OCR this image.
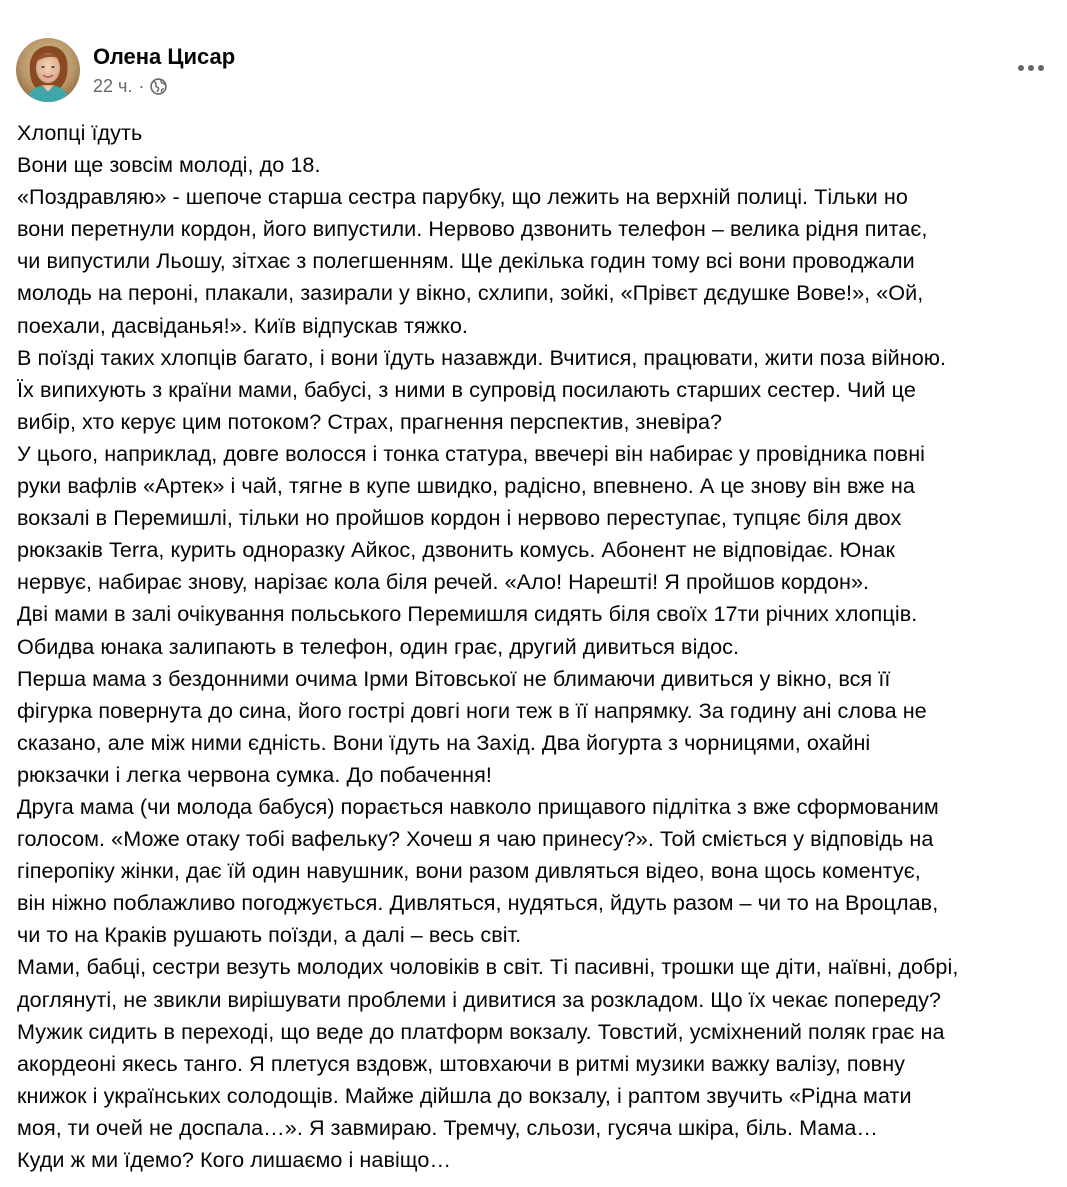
Олена Цисар
22 ч. ·
Хлопці їдуть
Вони ще зовсім молоді, до 18.
«Поздравляю» - шепоче старша сестра парубку, що лежить на верхній полиці. Тільки но
вони перетнули кордон, його випустили. Нервово дзвонить телефон – велика рідня питає,
чи випустили Льошу, зітхає з полегшенням. Ще декілька годин тому всі вони проводжали
молодь на пероні, плакали, зазирали у вікно, схлипи, зойкі, «Прівєт дєдушке Вове!», «Ой,
поехали, дасвіданья!». Київ відпускав тяжко.
В поїзді таких хлопців багато, і вони їдуть назавжди. Вчитися, працювати, жити поза війною.
Їх випихують з країни мами, бабусі, з ними в супровід посилають старших сестер. Чий це
вибір, хто керує цим потоком? Страх, прагнення перспектив, зневіра?
У цього, наприклад, довге волосся і тонка статура, ввечері він набирає у провідника повні
руки вафлів «Артек» і чай, тягне в купе швидко, радісно, впевнено. А це знову він вже на
вокзалі в Перемишлі, тільки но пройшов кордон і нервово переступає, тупцяє біля двох
рюкзаків Terra, курить одноразку Айкос, дзвонить комусь. Абонент не відповідає. Юнак
нервує, набирає знову, нарізає кола біля речей. «Ало! Нарешті! Я пройшов кордон».
Дві мами в залі очікування польського Перемишля сидять біля своїх 17ти річних хлопців.
Обидва юнака залипають в телефон, один грає, другий дивиться відос.
Перша мама з бездонними очима Ірми Вітовської не блимаючи дивиться у вікно, вся її
фігурка повернута до сина, його гострі довгі ноги теж в її напрямку. За годину ані слова не
сказано, але між ними єдність. Вони їдуть на Захід. Два йогурта з чорницями, охайні
рюкзачки і легка червона сумка. До побачення!
Друга мама (чи молода бабуся) порається навколо прищавого підлітка з вже сформованим
голосом. «Може отаку тобі вафельку? Хочеш я чаю принесу?». Той сміється у відповідь на
гіперопіку жінки, дає їй один навушник, вони разом дивляться відео, вона щось коментує,
він ніжно поблажливо погоджується. Дивляться, нудяться, йдуть разом – чи то на Вроцлав,
чи то на Краків рушають поїзди, а далі – весь світ.
Мами, бабці, сестри везуть молодих чоловіків в світ. Ті пасивні, трошки ще діти, наївні, добрі,
доглянуті, не звикли вирішувати проблеми і дивитися за розкладом. Що їх чекає попереду?
Мужик сидить в переході, що веде до платформ вокзалу. Товстий, усміхнений поляк грає на
акордеоні якесь танго. Я плетуся вздовж, штовхаючи в ритмі музики важку валізу, повну
книжок і українських солодощів. Майже дійшла до вокзалу, і раптом звучить «Рідна мати
моя, ти очей не доспала…». Я завмираю. Тремчу, сльози, гусяча шкіра, біль. Мама…
Куди ж ми їдемо? Кого лишаємо і навіщо…
